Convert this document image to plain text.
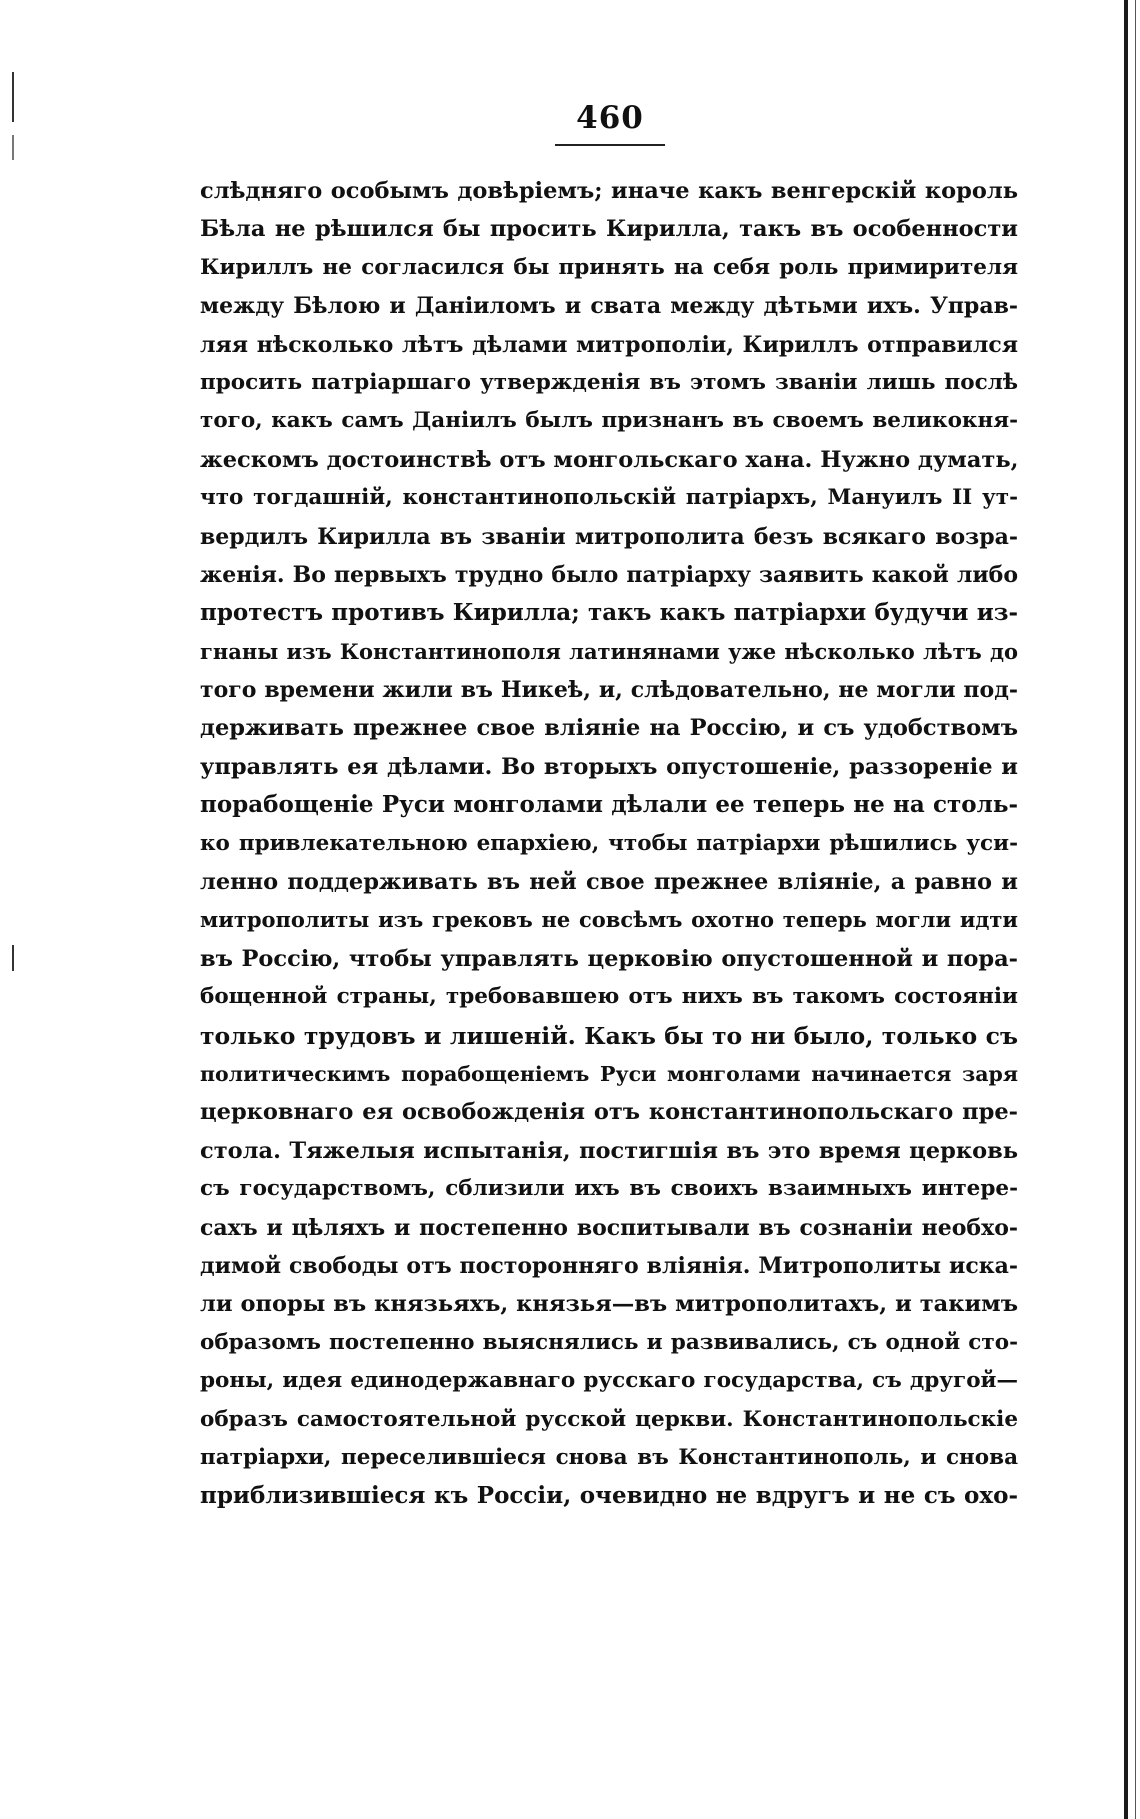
460
слѣдняго особымъ довѣріемъ; иначе какъ венгерскій король
Бѣла не рѣшился бы просить Кирилла, такъ въ особенности
Кириллъ не согласился бы принять на себя роль примирителя
между Бѣлою и Даніиломъ и свата между дѣтьми ихъ. Управ-
ляя нѣсколько лѣтъ дѣлами митрополіи, Кириллъ отправился
просить патріаршаго утвержденія въ этомъ званіи лишь послѣ
того, какъ самъ Даніилъ былъ признанъ въ своемъ великокня-
жескомъ достоинствѣ отъ монгольскаго хана. Нужно думать,
что тогдашній, константинопольскій патріархъ, Мануилъ II ут-
вердилъ Кирилла въ званіи митрополита безъ всякаго возра-
женія. Во первыхъ трудно было патріарху заявить какой либо
протестъ противъ Кирилла; такъ какъ патріархи будучи из-
гнаны изъ Константинополя латинянами уже нѣсколько лѣтъ до
того времени жили въ Никеѣ, и, слѣдовательно, не могли под-
держивать прежнее свое вліяніе на Россію, и съ удобствомъ
управлять ея дѣлами. Во вторыхъ опустошеніе, раззореніе и
порабощеніе Руси монголами дѣлали ее теперь не на столь-
ко привлекательною епархіею, чтобы патріархи рѣшились уси-
ленно поддерживать въ ней свое прежнее вліяніе, а равно и
митрополиты изъ грековъ не совсѣмъ охотно теперь могли идти
въ Россію, чтобы управлять церковію опустошенной и пора-
бощенной страны, требовавшею отъ нихъ въ такомъ состояніи
только трудовъ и лишеній. Какъ бы то ни было, только съ
политическимъ порабощеніемъ Руси монголами начинается заря
церковнаго ея освобожденія отъ константинопольскаго пре-
стола. Тяжелыя испытанія, постигшія въ это время церковь
съ государствомъ, сблизили ихъ въ своихъ взаимныхъ интере-
сахъ и цѣляхъ и постепенно воспитывали въ сознаніи необхо-
димой свободы отъ посторонняго вліянія. Митрополиты иска-
ли опоры въ князьяхъ, князья—въ митрополитахъ, и такимъ
образомъ постепенно выяснялись и развивались, съ одной сто-
роны, идея единодержавнаго русскаго государства, съ другой—
образъ самостоятельной русской церкви. Константинопольскіе
патріархи, переселившіеся снова въ Константинополь, и снова
приблизившіеся къ Россіи, очевидно не вдругъ и не съ охо-
